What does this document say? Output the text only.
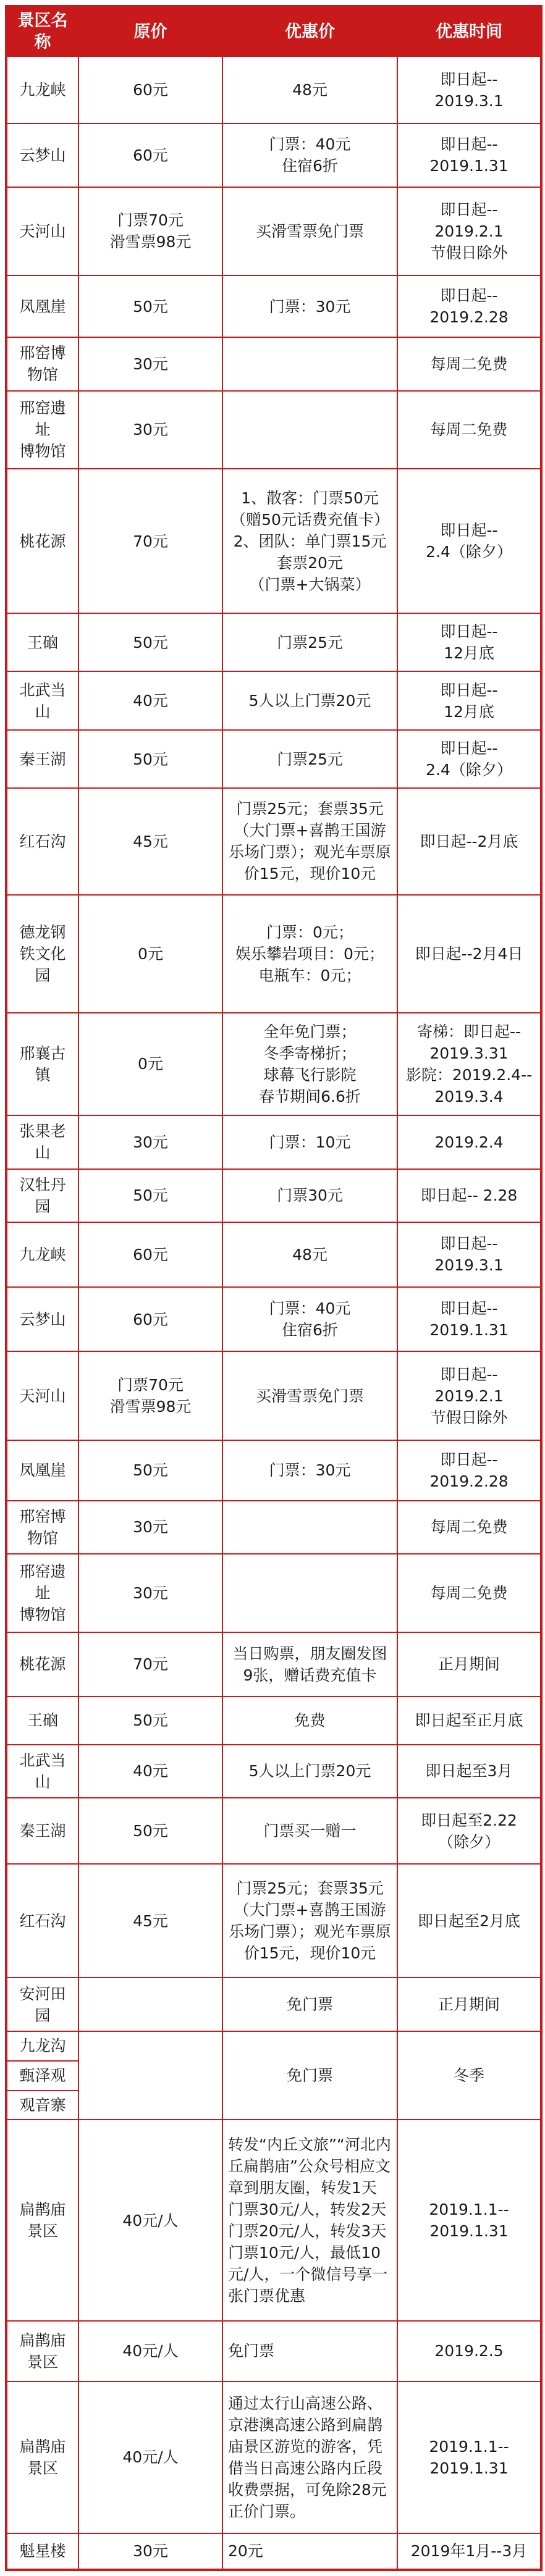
景区名称	原价	优惠价	优惠时间
九龙峡	60元	48元	即日起--
2019.3.1
云梦山	60元	门票：40元
住宿6折	即日起--
2019.1.31
天河山	门票70元
滑雪票98元	买滑雪票免门票	即日起--
2019.2.1
节假日除外
凤凰崖	50元	门票：30元	即日起--
2019.2.28
邢窑博物馆	30元		每周二免费
邢窑遗址
博物馆	30元		每周二免费
桃花源	70元	1、散客：门票50元（赠50元话费充值卡）
2、团队：单门票15元
套票20元
（门票+大锅菜）	即日起--
2.4（除夕）
王硇	50元	门票25元	即日起--
12月底
北武当山	40元	5人以上门票20元	即日起--
12月底
秦王湖	50元	门票25元	即日起--
2.4（除夕）
红石沟	45元	门票25元；套票35元（大门票+喜鹊王国游乐场门票）；观光车票原价15元，现价10元	即日起--2月底
德龙钢铁文化园	0元	门票：0元；
娱乐攀岩项目：0元；
电瓶车：0元；	即日起--2月4日
邢襄古镇	0元	全年免门票；
冬季寄梯折；
球幕飞行影院
春节期间6.6折	寄梯：即日起--
2019.3.31
影院：2019.2.4--
2019.3.4
张果老山	30元	门票：10元	2019.2.4
汉牡丹园	50元	门票30元	即日起-- 2.28
九龙峡	60元	48元	即日起--
2019.3.1
云梦山	60元	门票：40元
住宿6折	即日起--
2019.1.31
天河山	门票70元
滑雪票98元	买滑雪票免门票	即日起--
2019.2.1
节假日除外
凤凰崖	50元	门票：30元	即日起--
2019.2.28
邢窑博物馆	30元		每周二免费
邢窑遗址
博物馆	30元		每周二免费
桃花源	70元	当日购票，朋友圈发图9张，赠话费充值卡	正月期间
王硇	50元	免费	即日起至正月底
北武当山	40元	5人以上门票20元	即日起至3月
秦王湖	50元	门票买一赠一	即日起至2.22
（除夕）
红石沟	45元	门票25元；套票35元（大门票+喜鹊王国游乐场门票）；观光车票原价15元，现价10元	即日起至2月底
安河田园		免门票	正月期间
九龙沟		免门票	冬季
甄泽观			
观音寨			
扁鹊庙景区	40元/人	转发“内丘文旅”“河北内丘扁鹊庙”公众号相应文章到朋友圈，转发1天门票30元/人，转发2天门票20元/人，转发3天门票10元/人，最低10元/人，一个微信号享一张门票优惠	2019.1.1--
2019.1.31
扁鹊庙景区	40元/人	免门票	2019.2.5
扁鹊庙景区	40元/人	通过太行山高速公路、京港澳高速公路到扁鹊庙景区游览的游客，凭借当日高速公路内丘段收费票据，可免除28元正价门票。	2019.1.1--
2019.1.31
魁星楼	30元	20元	2019年1月--3月
